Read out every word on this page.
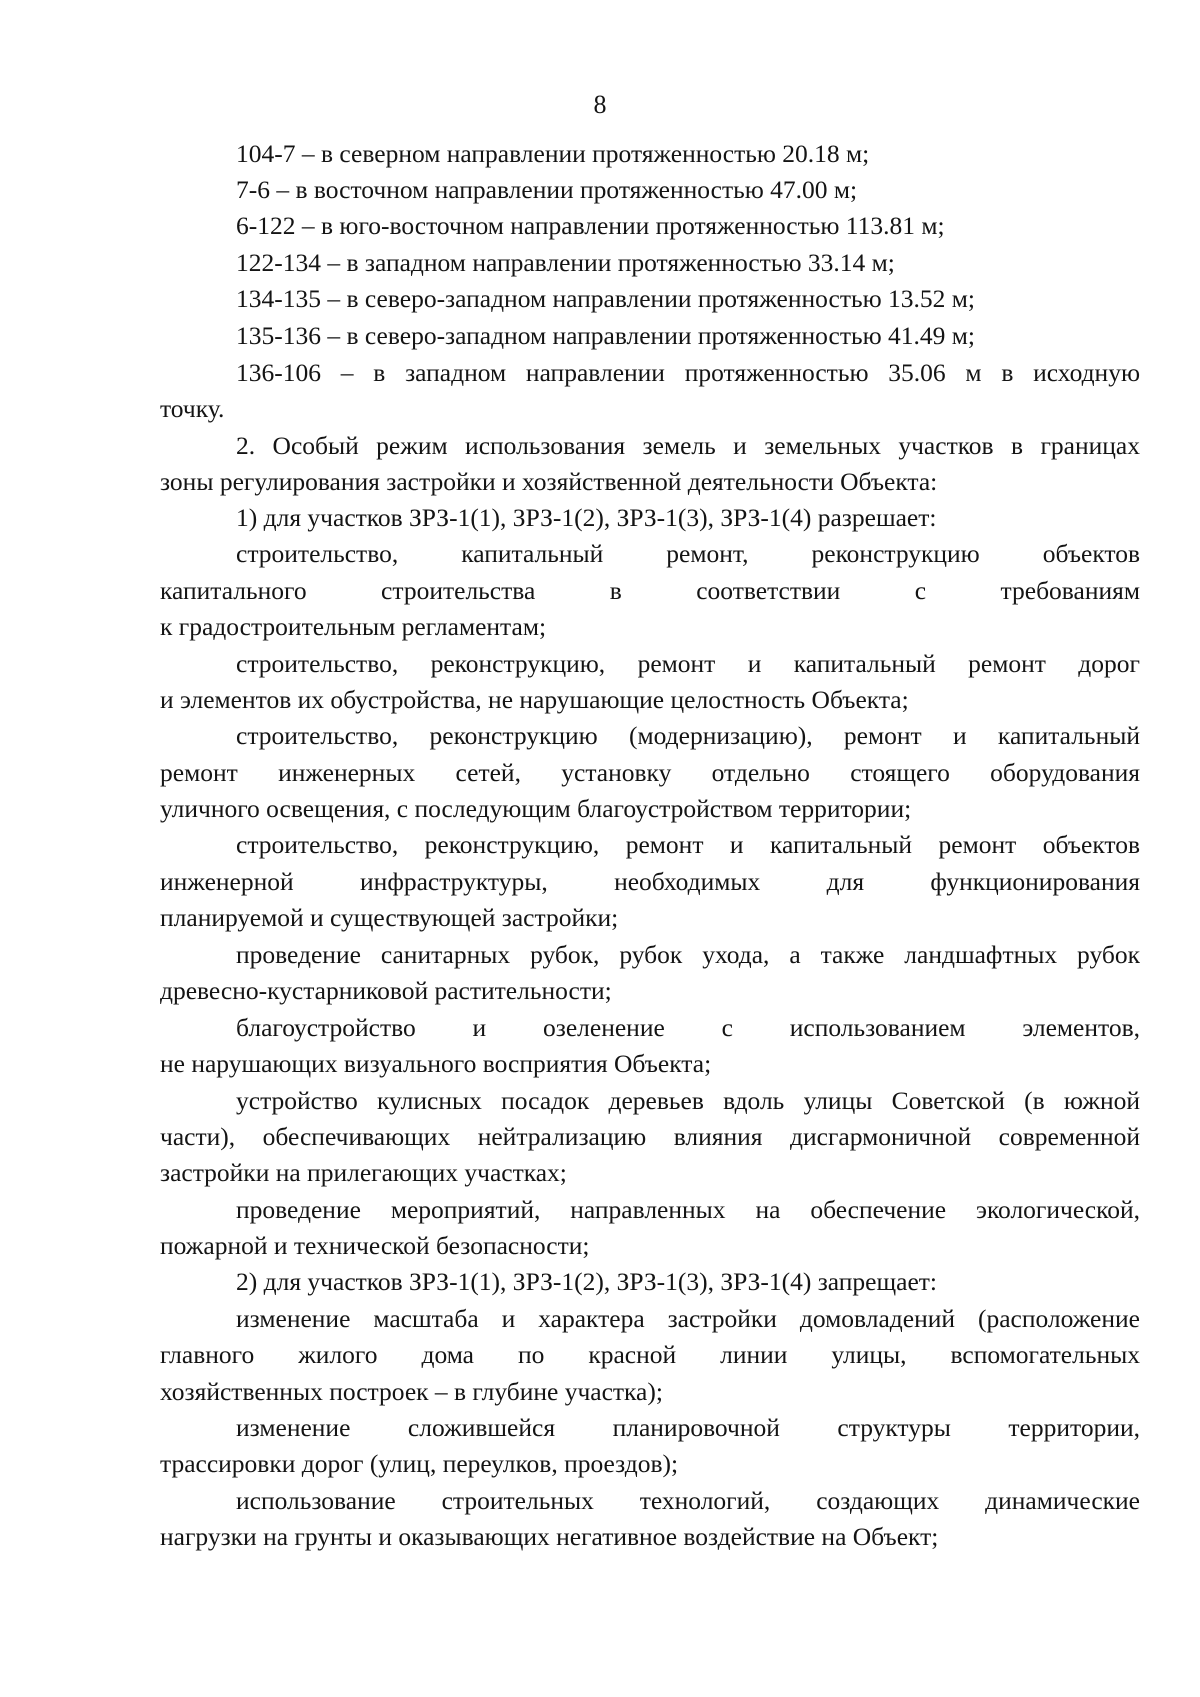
8
104-7 – в северном направлении протяженностью 20.18 м;
7-6 – в восточном направлении протяженностью 47.00 м;
6-122 – в юго-восточном направлении протяженностью 113.81 м;
122-134 – в западном направлении протяженностью 33.14 м;
134-135 – в северо-западном направлении протяженностью 13.52 м;
135-136 – в северо-западном направлении протяженностью 41.49 м;
136-106 – в западном направлении протяженностью 35.06 м в исходную
точку.
2. Особый режим использования земель и земельных участков в границах
зоны регулирования застройки и хозяйственной деятельности Объекта:
1) для участков ЗРЗ-1(1), ЗРЗ-1(2), ЗРЗ-1(3), ЗРЗ-1(4) разрешает:
строительство, капитальный ремонт, реконструкцию объектов
капитального строительства в соответствии с требованиям
к градостроительным регламентам;
строительство, реконструкцию, ремонт и капитальный ремонт дорог
и элементов их обустройства, не нарушающие целостность Объекта;
строительство, реконструкцию (модернизацию), ремонт и капитальный
ремонт инженерных сетей, установку отдельно стоящего оборудования
уличного освещения, с последующим благоустройством территории;
строительство, реконструкцию, ремонт и капитальный ремонт объектов
инженерной инфраструктуры, необходимых для функционирования
планируемой и существующей застройки;
проведение санитарных рубок, рубок ухода, а также ландшафтных рубок
древесно-кустарниковой растительности;
благоустройство и озеленение с использованием элементов,
не нарушающих визуального восприятия Объекта;
устройство кулисных посадок деревьев вдоль улицы Советской (в южной
части), обеспечивающих нейтрализацию влияния дисгармоничной современной
застройки на прилегающих участках;
проведение мероприятий, направленных на обеспечение экологической,
пожарной и технической безопасности;
2) для участков ЗРЗ-1(1), ЗРЗ-1(2), ЗРЗ-1(3), ЗРЗ-1(4) запрещает:
изменение масштаба и характера застройки домовладений (расположение
главного жилого дома по красной линии улицы, вспомогательных
хозяйственных построек – в глубине участка);
изменение сложившейся планировочной структуры территории,
трассировки дорог (улиц, переулков, проездов);
использование строительных технологий, создающих динамические
нагрузки на грунты и оказывающих негативное воздействие на Объект;
